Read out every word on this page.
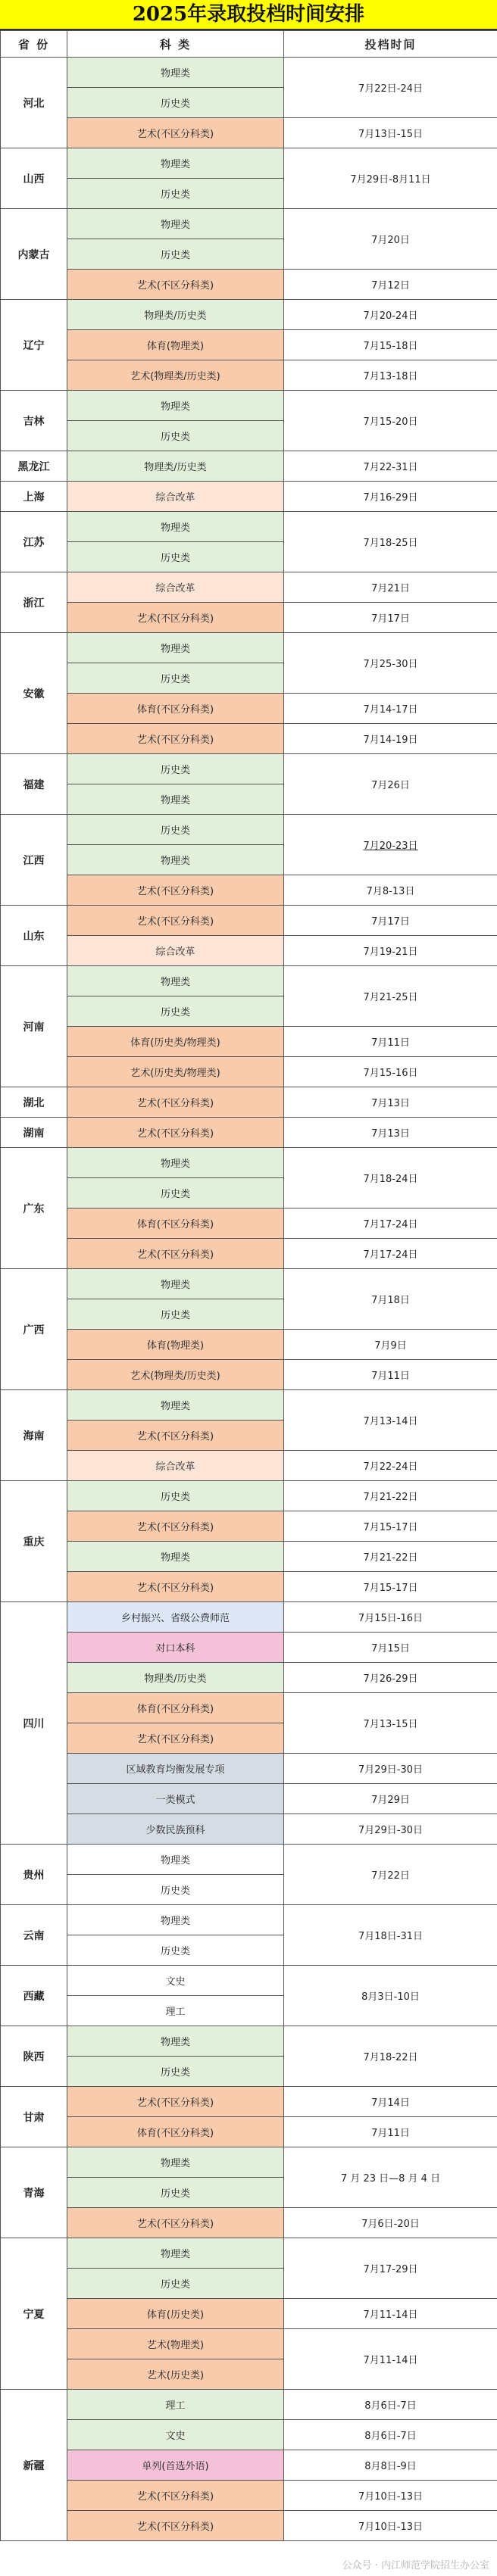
2025年录取投档时间安排
省 份	科 类	投档时间
河北	物理类	7月22日-24日
	历史类	
	艺术(不区分科类)	7月13日-15日
山西	物理类	7月29日-8月11日
	历史类	
内蒙古	物理类	7月20日
	历史类	
	艺术(不区分科类)	7月12日
辽宁	物理类/历史类	7月20-24日
	体育(物理类)	7月15-18日
	艺术(物理类/历史类)	7月13-18日
吉林	物理类	7月15-20日
	历史类	
黑龙江	物理类/历史类	7月22-31日
上海	综合改革	7月16-29日
江苏	物理类	7月18-25日
	历史类	
浙江	综合改革	7月21日
	艺术(不区分科类)	7月17日
安徽	物理类	7月25-30日
	历史类	
	体育(不区分科类)	7月14-17日
	艺术(不区分科类)	7月14-19日
福建	历史类	7月26日
	物理类	
江西	历史类	7月20-23日
	物理类	
	艺术(不区分科类)	7月8-13日
山东	艺术(不区分科类)	7月17日
	综合改革	7月19-21日
河南	物理类	7月21-25日
	历史类	
	体育(历史类/物理类)	7月11日
	艺术(历史类/物理类)	7月15-16日
湖北	艺术(不区分科类)	7月13日
湖南	艺术(不区分科类)	7月13日
广东	物理类	7月18-24日
	历史类	
	体育(不区分科类)	7月17-24日
	艺术(不区分科类)	7月17-24日
广西	物理类	7月18日
	历史类	
	体育(物理类)	7月9日
	艺术(物理类/历史类)	7月11日
海南	物理类	7月13-14日
	艺术(不区分科类)	
	综合改革	7月22-24日
重庆	历史类	7月21-22日
	艺术(不区分科类)	7月15-17日
	物理类	7月21-22日
	艺术(不区分科类)	7月15-17日
四川	乡村振兴、省级公费师范	7月15日-16日
	对口本科	7月15日
	物理类/历史类	7月26-29日
	体育(不区分科类)	7月13-15日
	艺术(不区分科类)	
	区域教育均衡发展专项	7月29日-30日
	一类模式	7月29日
	少数民族预科	7月29日-30日
贵州	物理类	7月22日
	历史类	
云南	物理类	7月18日-31日
	历史类	
西藏	文史	8月3日-10日
	理工	
陕西	物理类	7月18-22日
	历史类	
甘肃	艺术(不区分科类)	7月14日
	体育(不区分科类)	7月11日
青海	物理类	7 月 23 日—8 月 4 日
	历史类	
	艺术(不区分科类)	7月6日-20日
宁夏	物理类	7月17-29日
	历史类	
	体育(历史类)	7月11-14日
	艺术(物理类)	7月11-14日
	艺术(历史类)	
新疆	理工	8月6日-7日
	文史	8月6日-7日
	单列(首选外语)	8月8日-9日
	艺术(不区分科类)	7月10日-13日
	艺术(不区分科类)	7月10日-13日
公众号 · 内江师范学院招生办公室
